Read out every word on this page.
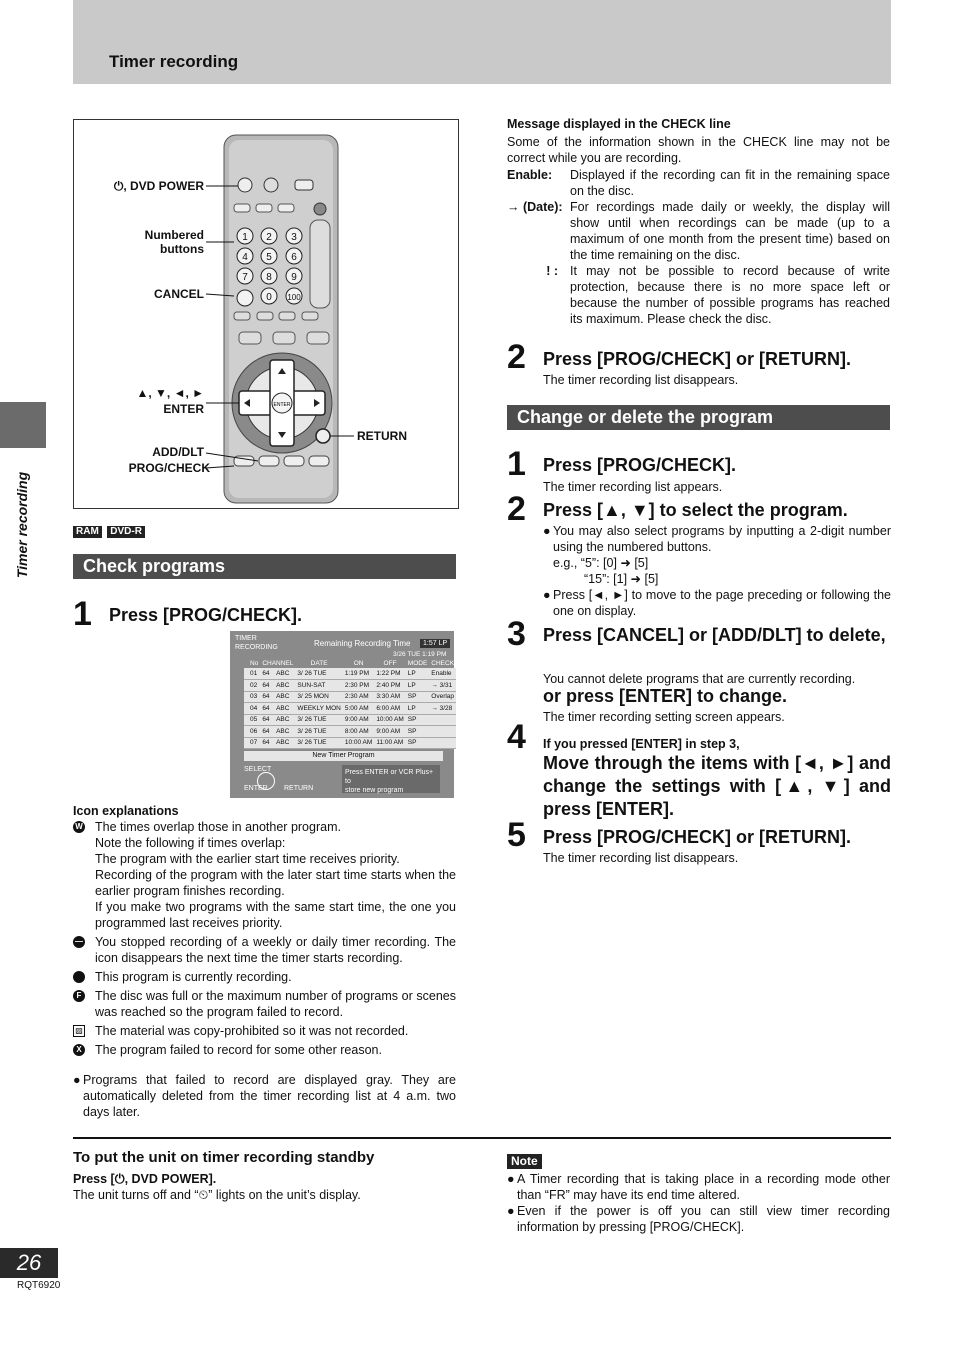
Timer recording
Timer recording
1 2 3
4 5 6
7 8 9
0 100
ENTER
⏻, DVD POWER
Numbered
buttons
CANCEL
▲, ▼, ◄, ►
ENTER
ADD/DLT
PROG/CHECK
RETURN
RAM DVD-R
Check programs
1 Press [PROG/CHECK].
TIMER
RECORDING	Remaining Recording Time	1:57 LP
3/26 TUE 1:19 PM
	No	CHANNEL		DATE	ON	OFF	MODE	CHECK
	01	64	ABC	3/ 26 TUE	1:19 PM	1:22 PM	LP	Enable
	02	64	ABC	SUN-SAT	2:30 PM	2:40 PM	LP	→ 3/31
	03	64	ABC	3/ 25 MON	2:30 AM	3:30 AM	SP	Overlap
	04	64	ABC	WEEKLY MON	5:00 AM	6:00 AM	LP	→ 3/28
	05	64	ABC	3/ 26 TUE	9:00 AM	10:00 AM	SP	
	06	64	ABC	3/ 26 TUE	8:00 AM	9:00 AM	SP	
	07	64	ABC	3/ 26 TUE	10:00 AM	11:00 AM	SP	
New Timer Program
SELECT
ENTER RETURN
Press ENTER or VCR Plus+ to
store new program
Icon explanations
W The times overlap those in another program.
Note the following if times overlap:
The program with the earlier start time receives priority.
Recording of the program with the later start time starts when the earlier program finishes recording.
If you make two programs with the same start time, the one you programmed last receives priority.
— You stopped recording of a weekly or daily timer recording. The icon disappears the next time the timer starts recording.
This program is currently recording.
F The disc was full or the maximum number of programs or scenes was reached so the program failed to record.
▨ The material was copy-prohibited so it was not recorded.
X The program failed to record for some other reason.
● Programs that failed to record are displayed gray. They are automatically deleted from the timer recording list at 4 a.m. two days later.
Message displayed in the CHECK line
Some of the information shown in the CHECK line may not be correct while you are recording.
Enable:	Displayed if the recording can fit in the remaining space on the disc.
→ (Date): For recordings made daily or weekly, the display will show until when recordings can be made (up to a maximum of one month from the present time) based on the time remaining on the disc.
! : It may not be possible to record because of write protection, because there is no more space left or because the number of possible programs has reached its maximum. Please check the disc.
2 Press [PROG/CHECK] or [RETURN].
The timer recording list disappears.
Change or delete the program
1 Press [PROG/CHECK].
The timer recording list appears.
2 Press [▲, ▼] to select the program.
● You may also select programs by inputting a 2-digit number using the numbered buttons.
e.g., “5”: [0] ➜ [5]
“15”: [1] ➜ [5]
● Press [◄, ►] to move to the page preceding or following the one on display.
3 Press [CANCEL] or [ADD/DLT] to delete,
You cannot delete programs that are currently recording.
or press [ENTER] to change.
The timer recording setting screen appears.
4 If you pressed [ENTER] in step 3,
Move through the items with [◄, ►] and change the settings with [▲, ▼] and press [ENTER].
5 Press [PROG/CHECK] or [RETURN].
The timer recording list disappears.
To put the unit on timer recording standby
Press [⏻, DVD POWER].
The unit turns off and “⏲” lights on the unit’s display.
Note
● A Timer recording that is taking place in a recording mode other than “FR” may have its end time altered.
● Even if the power is off you can still view timer recording information by pressing [PROG/CHECK].
26
RQT6920
